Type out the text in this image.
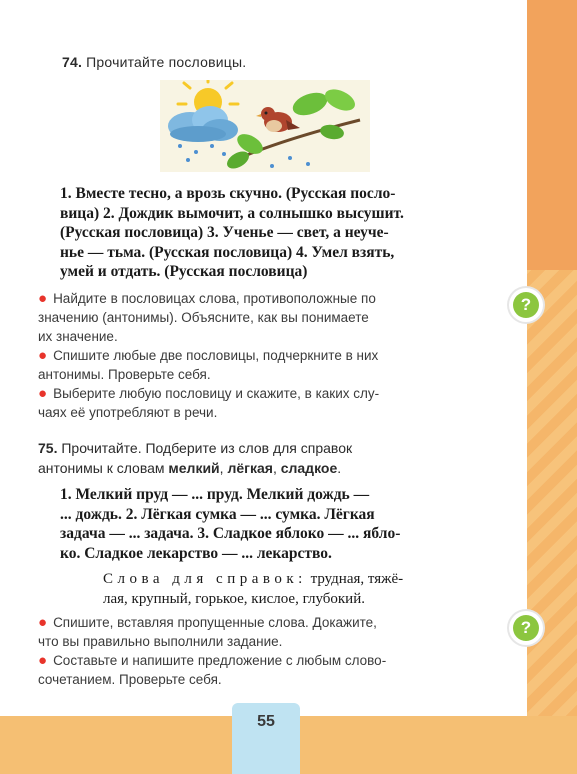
74. Прочитайте пословицы.

1. Вместе тесно, а врозь скучно. (Русская посло-

вица) 2. Дождик вымочит, а солнышко высушит.

(Русская пословица) 3. Ученье — свет, а неуче-

нье — тьма. (Русская пословица) 4. Умел взять,

умей и отдать. (Русская пословица)

● Найдите в пословицах слова, противоположные по

значению (антонимы). Объясните, как вы понимаете

их значение.

● Спишите любые две пословицы, подчеркните в них

антонимы. Проверьте себя.

● Выберите любую пословицу и скажите, в каких слу-

чаях её употребляют в речи.

75. Прочитайте. Подберите из слов для справок

антонимы к словам мелкий, лёгкая, сладкое.

1. Мелкий пруд — ... пруд. Мелкий дождь —

... дождь. 2. Лёгкая сумка — ... сумка. Лёгкая

задача — ... задача. 3. Сладкое яблоко — ... ябло-

ко. Сладкое лекарство — ... лекарство.

Слова для справок: трудная, тяжё-
лая, крупный, горькое, кислое, глубокий.

● Спишите, вставляя пропущенные слова. Докажите,

что вы правильно выполнили задание.

● Составьте и напишите предложение с любым слово-

сочетанием. Проверьте себя.

?
?
55
